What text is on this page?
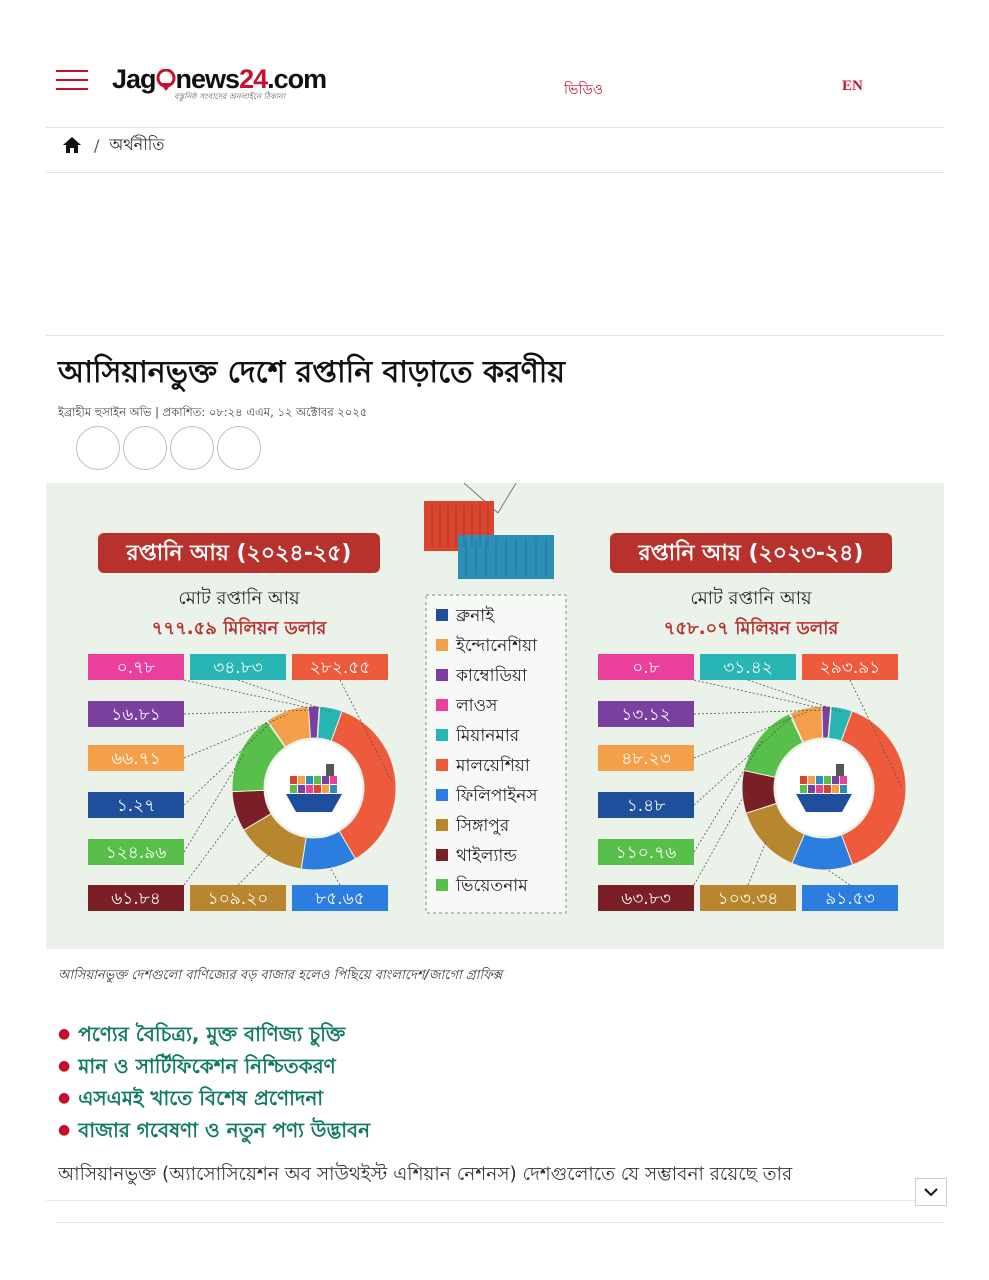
Jag news24.com
বস্তুনিষ্ঠ সংবাদের অনলাইনে ঠিকানা	ভিডিও	EN
/ অর্থনীতি
আসিয়ানভুক্ত দেশে রপ্তানি বাড়াতে করণীয়
ইব্রাহীম হুসাইন অভি | প্রকাশিত: ০৮:২৪ এএম, ১২ অক্টোবর ২০২৫
রপ্তানি আয় (২০২৪-২৫)
মোট রপ্তানি আয়
৭৭৭.৫৯ মিলিয়ন ডলার
রপ্তানি আয় (২০২৩-২৪)
মোট রপ্তানি আয়
৭৫৮.০৭ মিলিয়ন ডলার
ব্রুনাই
ইন্দোনেশিয়া
কাম্বোডিয়া
লাওস
মিয়ানমার
মালয়েশিয়া
ফিলিপাইনস
সিঙ্গাপুর
থাইল্যান্ড
ভিয়েতনাম
০.৭৮	৩৪.৮৩	২৮২.৫৫
১৬.৮১
৬৬.৭১
১.২৭
১২৪.৯৬
৬১.৮৪	১০৯.২০	৮৫.৬৫
০.৮	৩১.৪২	২৯৩.৯১
১৩.১২
৪৮.২৩
১.৪৮
১১০.৭৬
৬৩.৮৩	১০৩.৩৪	৯১.৫৩
আসিয়ানভুক্ত দেশগুলো বাণিজ্যের বড় বাজার হলেও পিছিয়ে বাংলাদেশ/জাগো গ্রাফিক্স
● পণ্যের বৈচিত্র্য, মুক্ত বাণিজ্য চুক্তি
● মান ও সার্টিফিকেশন নিশ্চিতকরণ
● এসএমই খাতে বিশেষ প্রণোদনা
● বাজার গবেষণা ও নতুন পণ্য উদ্ভাবন

আসিয়ানভুক্ত (অ্যাসোসিয়েশন অব সাউথইস্ট এশিয়ান নেশনস) দেশগুলোতে যে সম্ভাবনা রয়েছে তার
